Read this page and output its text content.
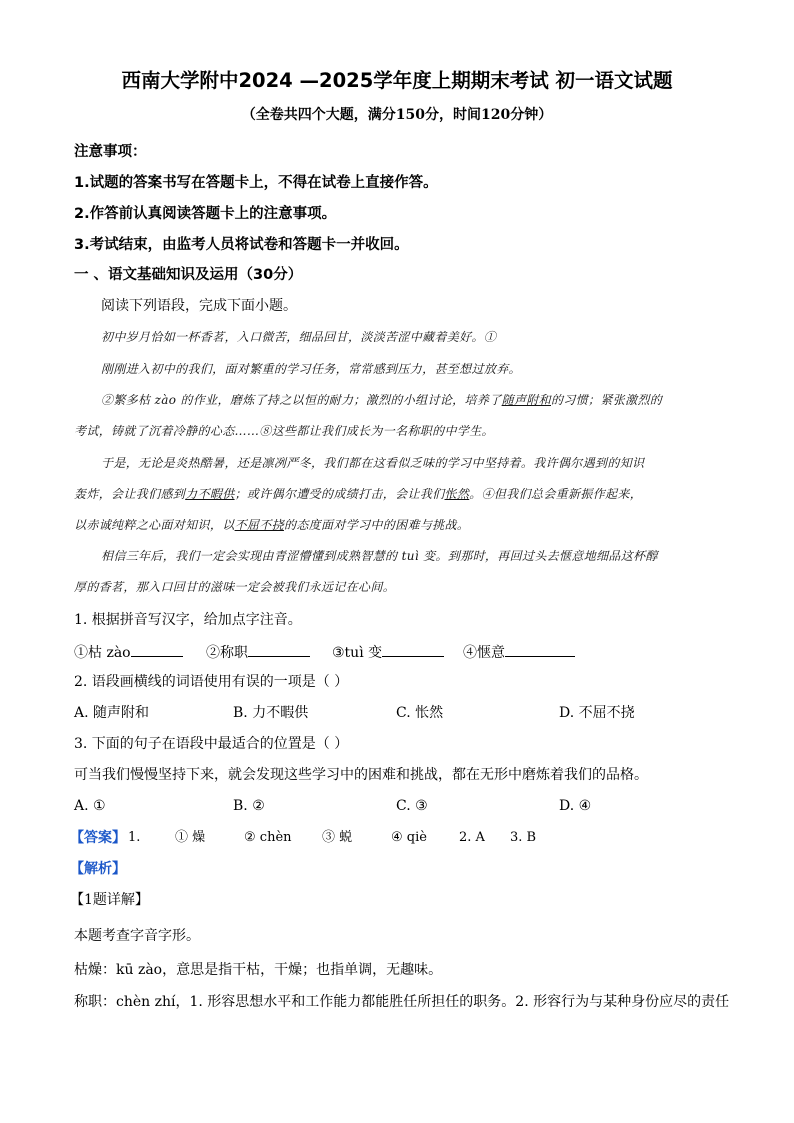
西南大学附中2024 —2025学年度上期期末考试 初一语文试题
（全卷共四个大题，满分150分，时间120分钟）
注意事项：
1.试题的答案书写在答题卡上，不得在试卷上直接作答。
2.作答前认真阅读答题卡上的注意事项。
3.考试结束，由监考人员将试卷和答题卡一并收回。
一 、语文基础知识及运用（30分）
阅读下列语段，完成下面小题。
初中岁月恰如一杯香茗，入口微苦，细品回甘，淡淡苦涩中藏着美好。①
刚刚进入初中的我们，面对繁重的学习任务，常常感到压力，甚至想过放弃。
②繁多枯 zào 的作业，磨炼了持之以恒的耐力；激烈的小组讨论，培养了随声附和的习惯；紧张激烈的
考试，铸就了沉着冷静的心态……⑧这些都让我们成长为一名称职的中学生。
于是，无论是炎热酷暑，还是凛冽严冬，我们都在这看似乏味的学习中坚持着。我许偶尔遇到的知识
轰炸，会让我们感到力不暇供；或许偶尔遭受的成绩打击，会让我们怅然。④但我们总会重新振作起来，
以赤诚纯粹之心面对知识，以不屈不挠的态度面对学习中的困难与挑战。
相信三年后，我们一定会实现由青涩懵懂到成熟智慧的 tuì 变。到那时，再回过头去惬意地细品这杯醇
厚的香茗，那入口回甘的滋味一定会被我们永远记在心间。
1. 根据拼音写汉字，给加点字注音。
①枯 zào	②称职	③tuì 变	④惬意
2. 语段画横线的词语使用有误的一项是（ ）
A. 随声附和	B. 力不暇供	C. 怅然	D. 不屈不挠
3. 下面的句子在语段中最适合的位置是（ ）
可当我们慢慢坚持下来，就会发现这些学习中的困难和挑战，都在无形中磨炼着我们的品格。
A. ①	B. ②	C. ③	D. ④
【答案】 1.	① 燥	② chèn ③ 蜕	④ qiè 2. A 3. B
【解析】
【1题详解】
本题考查字音字形。
枯燥：kū zào，意思是指干枯，干燥；也指单调，无趣味。
称职：chèn zhí，1. 形容思想水平和工作能力都能胜任所担任的职务。2. 形容行为与某种身份应尽的责任
